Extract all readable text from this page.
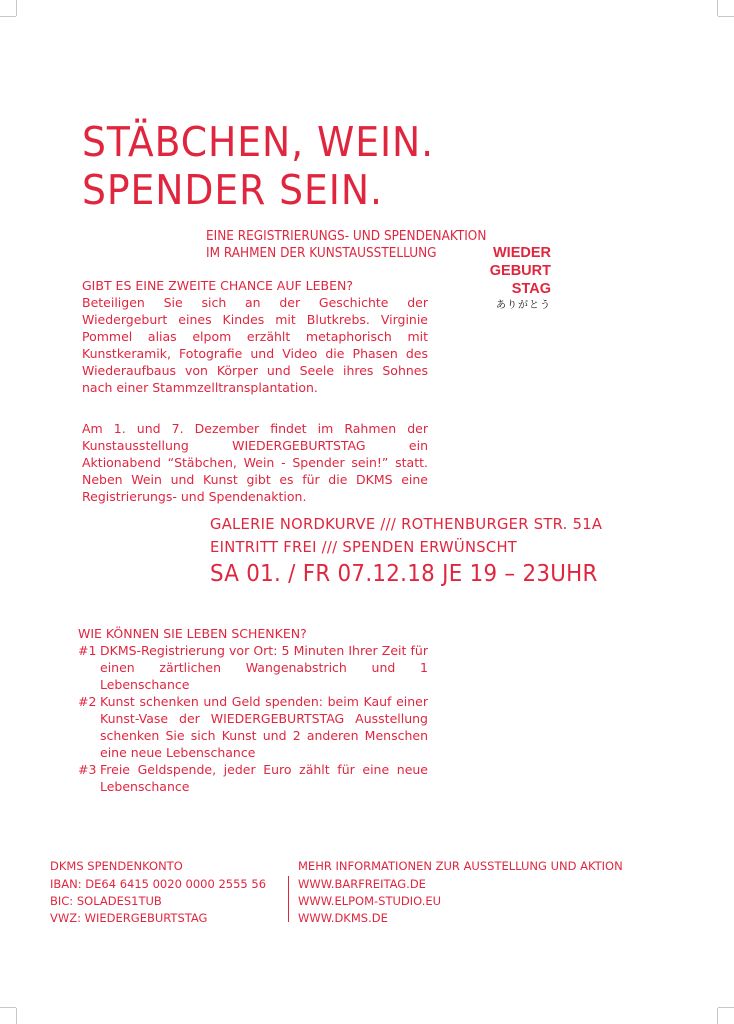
STÄBCHEN, WEIN.
SPENDER SEIN.
EINE REGISTRIERUNGS- UND SPENDENAKTION
IM RAHMEN DER KUNSTAUSSTELLUNG	WIEDER
GEBURT
STAG
ありがとう

GIBT ES EINE ZWEITE CHANCE AUF LEBEN?

Beteiligen Sie sich an der Geschichte der Wiedergeburt eines Kindes mit Blutkrebs. Virginie Pommel alias elpom erzählt metaphorisch mit Kunstkeramik, Fotografie und Video die Phasen des Wiederaufbaus von Körper und Seele ihres Sohnes nach einer Stammzelltransplantation.

Am 1. und 7. Dezember findet im Rahmen der Kunstausstellung WIEDERGEBURTSTAG ein Aktionabend “Stäbchen, Wein - Spender sein!” statt. Neben Wein und Kunst gibt es für die DKMS eine Registrierungs- und Spendenaktion.

GALERIE NORDKURVE /// ROTHENBURGER STR. 51A
EINTRITT FREI /// SPENDEN ERWÜNSCHT
SA 01. / FR 07.12.18 JE 19 – 23UHR

WIE KÖNNEN SIE LEBEN SCHENKEN?

#1 DKMS-Registrierung vor Ort: 5 Minuten Ihrer Zeit für einen zärtlichen Wangenabstrich und 1 Lebenschance
#2 Kunst schenken und Geld spenden: beim Kauf einer Kunst-Vase der WIEDERGEBURTSTAG Ausstellung schenken Sie sich Kunst und 2 anderen Menschen eine neue Lebenschance
#3 Freie Geldspende, jeder Euro zählt für eine neue Lebenschance
DKMS SPENDENKONTO
IBAN: DE64 6415 0020 0000 2555 56
BIC: SOLADES1TUB
VWZ: WIEDERGEBURTSTAG
MEHR INFORMATIONEN ZUR AUSSTELLUNG UND AKTION
WWW.BARFREITAG.DE
WWW.ELPOM-STUDIO.EU
WWW.DKMS.DE
